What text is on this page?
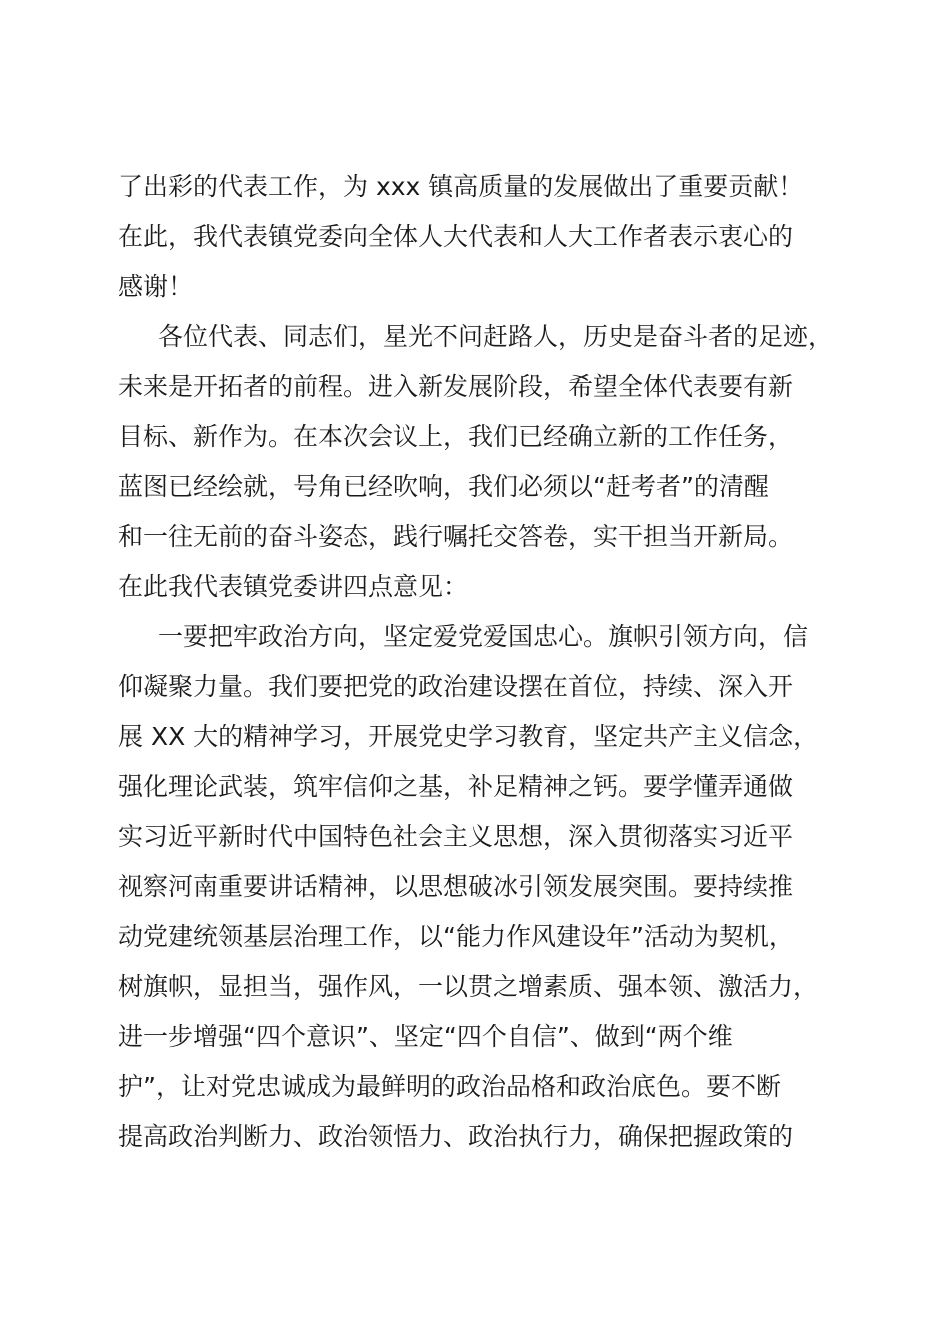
了出彩的代表工作，为 xxx 镇高质量的发展做出了重要贡献！
在此，我代表镇党委向全体人大代表和人大工作者表示衷心的
感谢！
各位代表、同志们，星光不问赶路人，历史是奋斗者的足迹，
未来是开拓者的前程。进入新发展阶段，希望全体代表要有新
目标、新作为。在本次会议上，我们已经确立新的工作任务，
蓝图已经绘就，号角已经吹响，我们必须以“赶考者”的清醒
和一往无前的奋斗姿态，践行嘱托交答卷，实干担当开新局。
在此我代表镇党委讲四点意见：
一要把牢政治方向，坚定爱党爱国忠心。旗帜引领方向，信
仰凝聚力量。我们要把党的政治建设摆在首位，持续、深入开
展 XX 大的精神学习，开展党史学习教育，坚定共产主义信念，
强化理论武装，筑牢信仰之基，补足精神之钙。要学懂弄通做
实习近平新时代中国特色社会主义思想，深入贯彻落实习近平
视察河南重要讲话精神，以思想破冰引领发展突围。要持续推
动党建统领基层治理工作，以“能力作风建设年”活动为契机，
树旗帜，显担当，强作风，一以贯之增素质、强本领、激活力，
进一步增强“四个意识”、坚定“四个自信”、做到“两个维
护”，让对党忠诚成为最鲜明的政治品格和政治底色。要不断
提高政治判断力、政治领悟力、政治执行力，确保把握政策的
